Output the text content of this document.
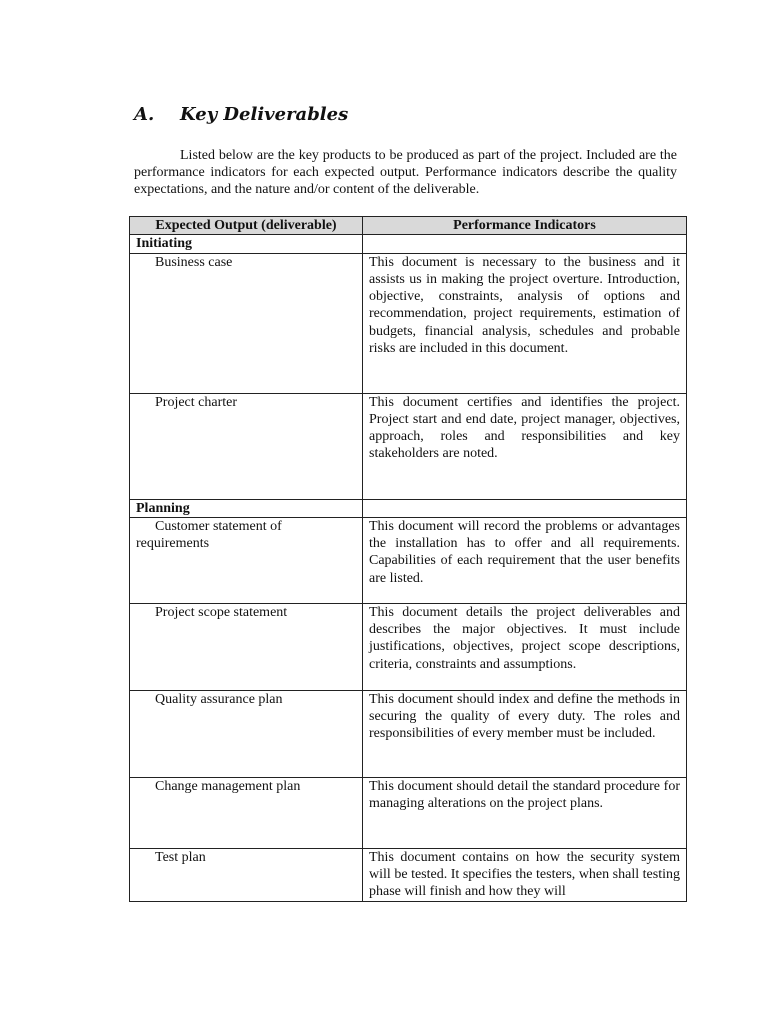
A. Key Deliverables

Listed below are the key products to be produced as part of the project. Included are the performance indicators for each expected output. Performance indicators describe the quality expectations, and the nature and/or content of the deliverable.

Expected Output (deliverable)	Performance Indicators
Initiating	

Business case	This document is necessary to the business and it assists us in making the project overture. Introduction, objective, constraints, analysis of options and recommendation, project requirements, estimation of budgets, financial analysis, schedules and probable risks are included in this document.

Project charter	This document certifies and identifies the project. Project start and end date, project manager, objectives, approach, roles and responsibilities and key stakeholders are noted.
Planning	

Customer statement of requirements	This document will record the problems or advantages the installation has to offer and all requirements. Capabilities of each requirement that the user benefits are listed.

Project scope statement	This document details the project deliverables and describes the major objectives. It must include justifications, objectives, project scope descriptions, criteria, constraints and assumptions.

Quality assurance plan	This document should index and define the methods in securing the quality of every duty. The roles and responsibilities of every member must be included.

Change management plan	This document should detail the standard procedure for managing alterations on the project plans.

Test plan	This document contains on how the security system will be tested. It specifies the testers, when shall testing phase will finish and how they will
